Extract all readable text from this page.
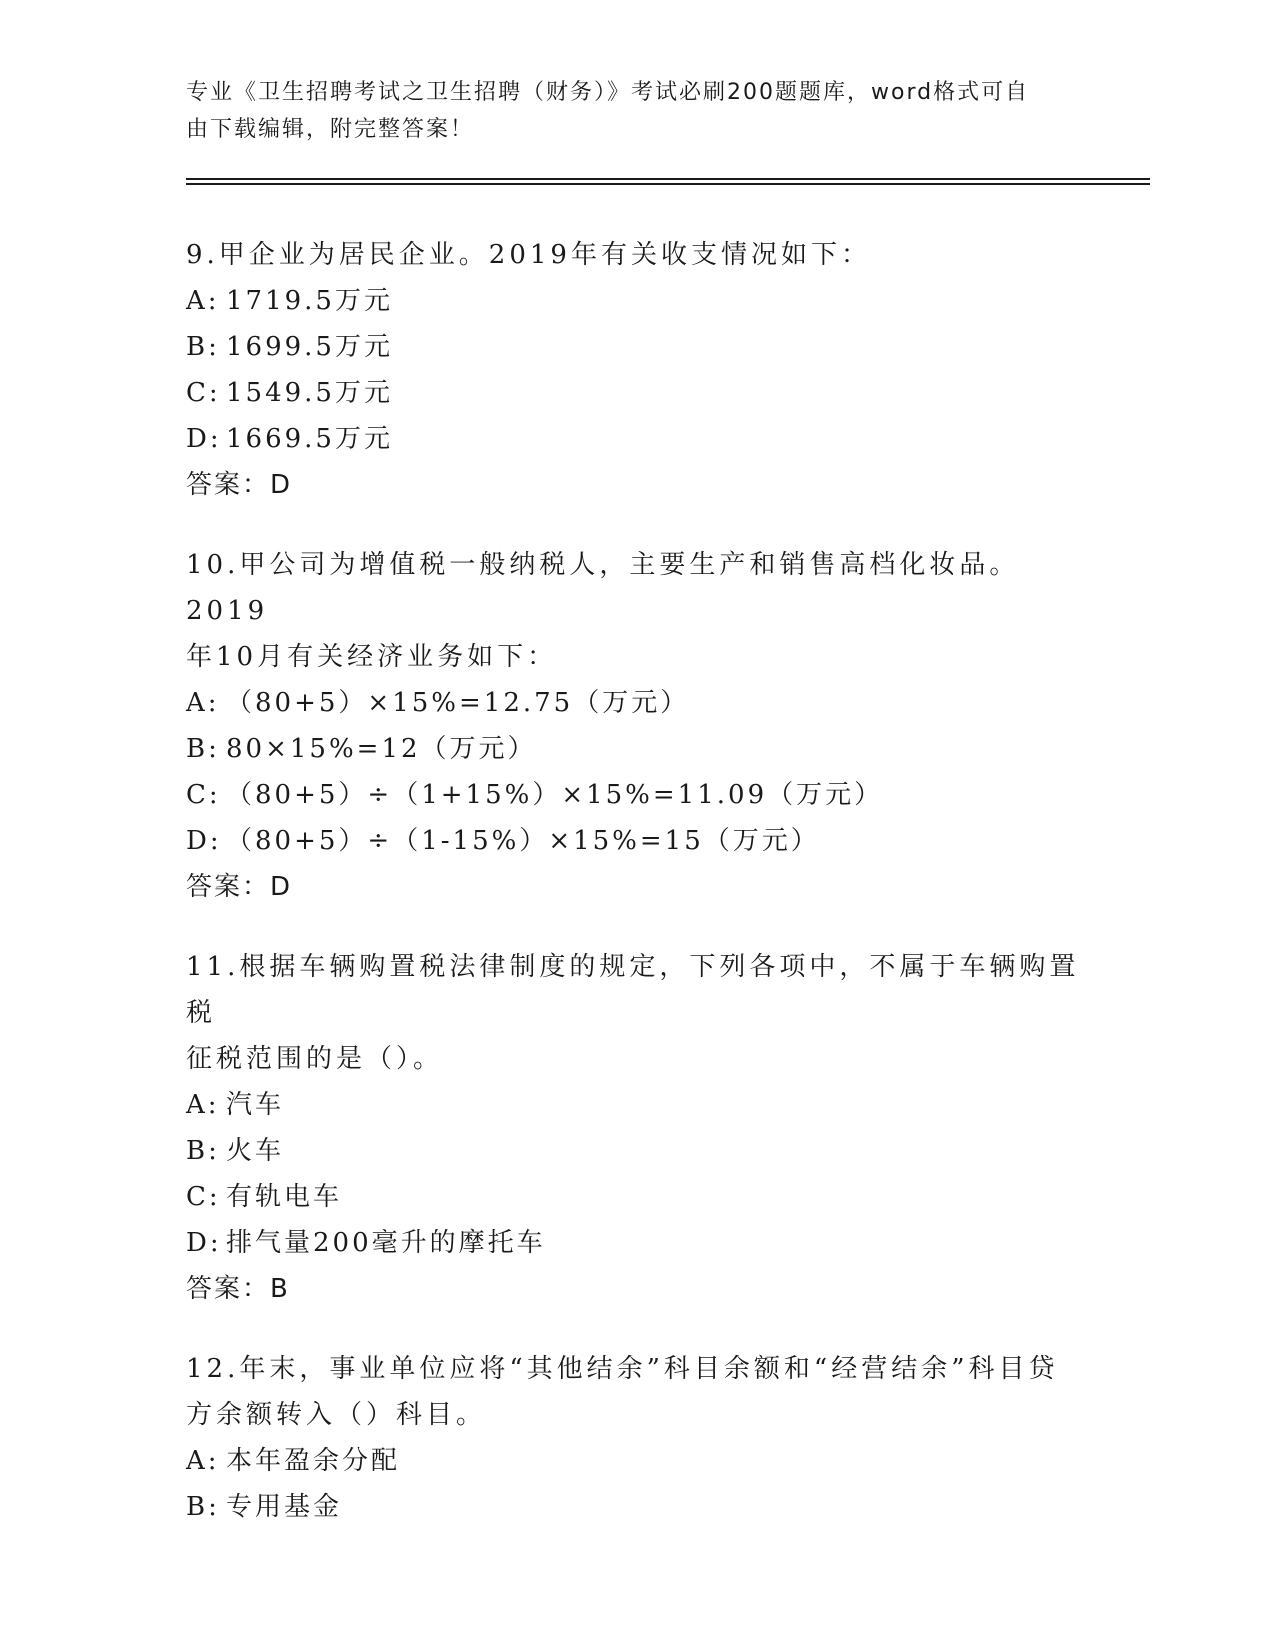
专业《卫生招聘考试之卫生招聘（财务）》考试必刷200题题库，word格式可自
由下载编辑，附完整答案！

9.甲企业为居民企业。2019年有关收支情况如下：

A: 1719.5万元

B: 1699.5万元

C: 1549.5万元

D: 1669.5万元

答案：D

10.甲公司为增值税一般纳税人，主要生产和销售高档化妆品。2019

年10月有关经济业务如下：

A: （80+5）×15%=12.75（万元）

B: 80×15%=12（万元）

C: （80+5）÷（1+15%）×15%=11.09（万元）

D: （80+5）÷（1-15%）×15%=15（万元）

答案：D

11.根据车辆购置税法律制度的规定，下列各项中，不属于车辆购置税

征税范围的是（）。

A: 汽车

B: 火车

C: 有轨电车

D: 排气量200毫升的摩托车

答案：B

12.年末，事业单位应将“其他结余”科目余额和“经营结余”科目贷

方余额转入（）科目。

A: 本年盈余分配

B: 专用基金
